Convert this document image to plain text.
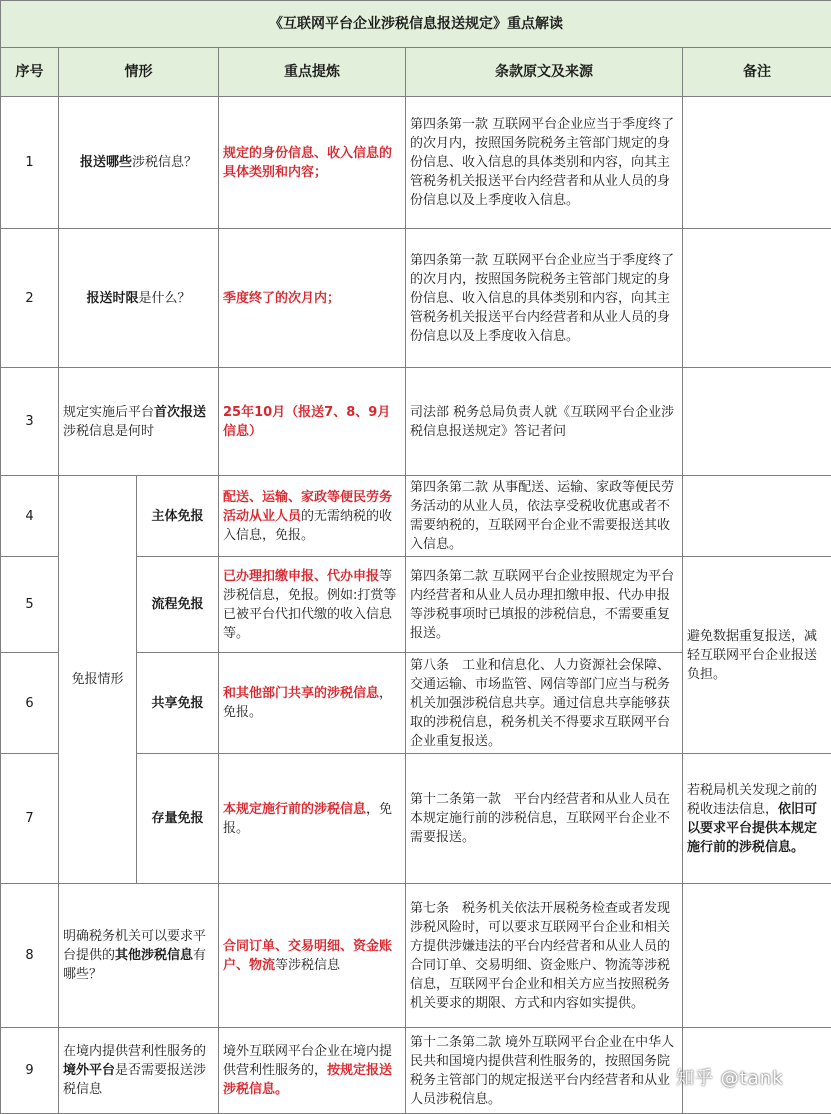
《互联网平台企业涉税信息报送规定》重点解读					
序号	情形		重点提炼	条款原文及来源	备注
1	报送哪些涉税信息？		规定的身份信息、收入信息的具体类别和内容；	第四条第一款 互联网平台企业应当于季度终了的次月内，按照国务院税务主管部门规定的身份信息、收入信息的具体类别和内容，向其主管税务机关报送平台内经营者和从业人员的身份信息以及上季度收入信息。	
2	报送时限是什么？		季度终了的次月内；	第四条第一款 互联网平台企业应当于季度终了的次月内，按照国务院税务主管部门规定的身份信息、收入信息的具体类别和内容，向其主管税务机关报送平台内经营者和从业人员的身份信息以及上季度收入信息。	
3	规定实施后平台首次报送涉税信息是何时		25年10月（报送7、8、9月信息）	司法部 税务总局负责人就《互联网平台企业涉税信息报送规定》答记者问	
4	免报情形	主体免报	配送、运输、家政等便民劳务活动从业人员的无需纳税的收入信息，免报。	第四条第二款 从事配送、运输、家政等便民劳务活动的从业人员，依法享受税收优惠或者不需要纳税的，互联网平台企业不需要报送其收入信息。	
5		流程免报	已办理扣缴申报、代办申报等涉税信息，免报。例如:打赏等已被平台代扣代缴的收入信息等。	第四条第二款 互联网平台企业按照规定为平台内经营者和从业人员办理扣缴申报、代办申报等涉税事项时已填报的涉税信息，不需要重复报送。	避免数据重复报送，减轻互联网平台企业报送负担。
6		共享免报	和其他部门共享的涉税信息，免报。	第八条　工业和信息化、人力资源社会保障、交通运输、市场监管、网信等部门应当与税务机关加强涉税信息共享。通过信息共享能够获取的涉税信息，税务机关不得要求互联网平台企业重复报送。	
7		存量免报	本规定施行前的涉税信息，免报。	第十二条第一款　平台内经营者和从业人员在本规定施行前的涉税信息，互联网平台企业不需要报送。	若税局机关发现之前的税收违法信息，依旧可以要求平台提供本规定施行前的涉税信息。
8	明确税务机关可以要求平台提供的其他涉税信息有哪些？		合同订单、交易明细、资金账户、物流等涉税信息	第七条　税务机关依法开展税务检查或者发现涉税风险时，可以要求互联网平台企业和相关方提供涉嫌违法的平台内经营者和从业人员的合同订单、交易明细、资金账户、物流等涉税信息，互联网平台企业和相关方应当按照税务机关要求的期限、方式和内容如实提供。	
9	在境内提供营利性服务的境外平台是否需要报送涉税信息		境外互联网平台企业在境内提供营利性服务的，按规定报送涉税信息。	第十二条第二款 境外互联网平台企业在中华人民共和国境内提供营利性服务的，按照国务院税务主管部门的规定报送平台内经营者和从业人员涉税信息。	
知乎 @tank
